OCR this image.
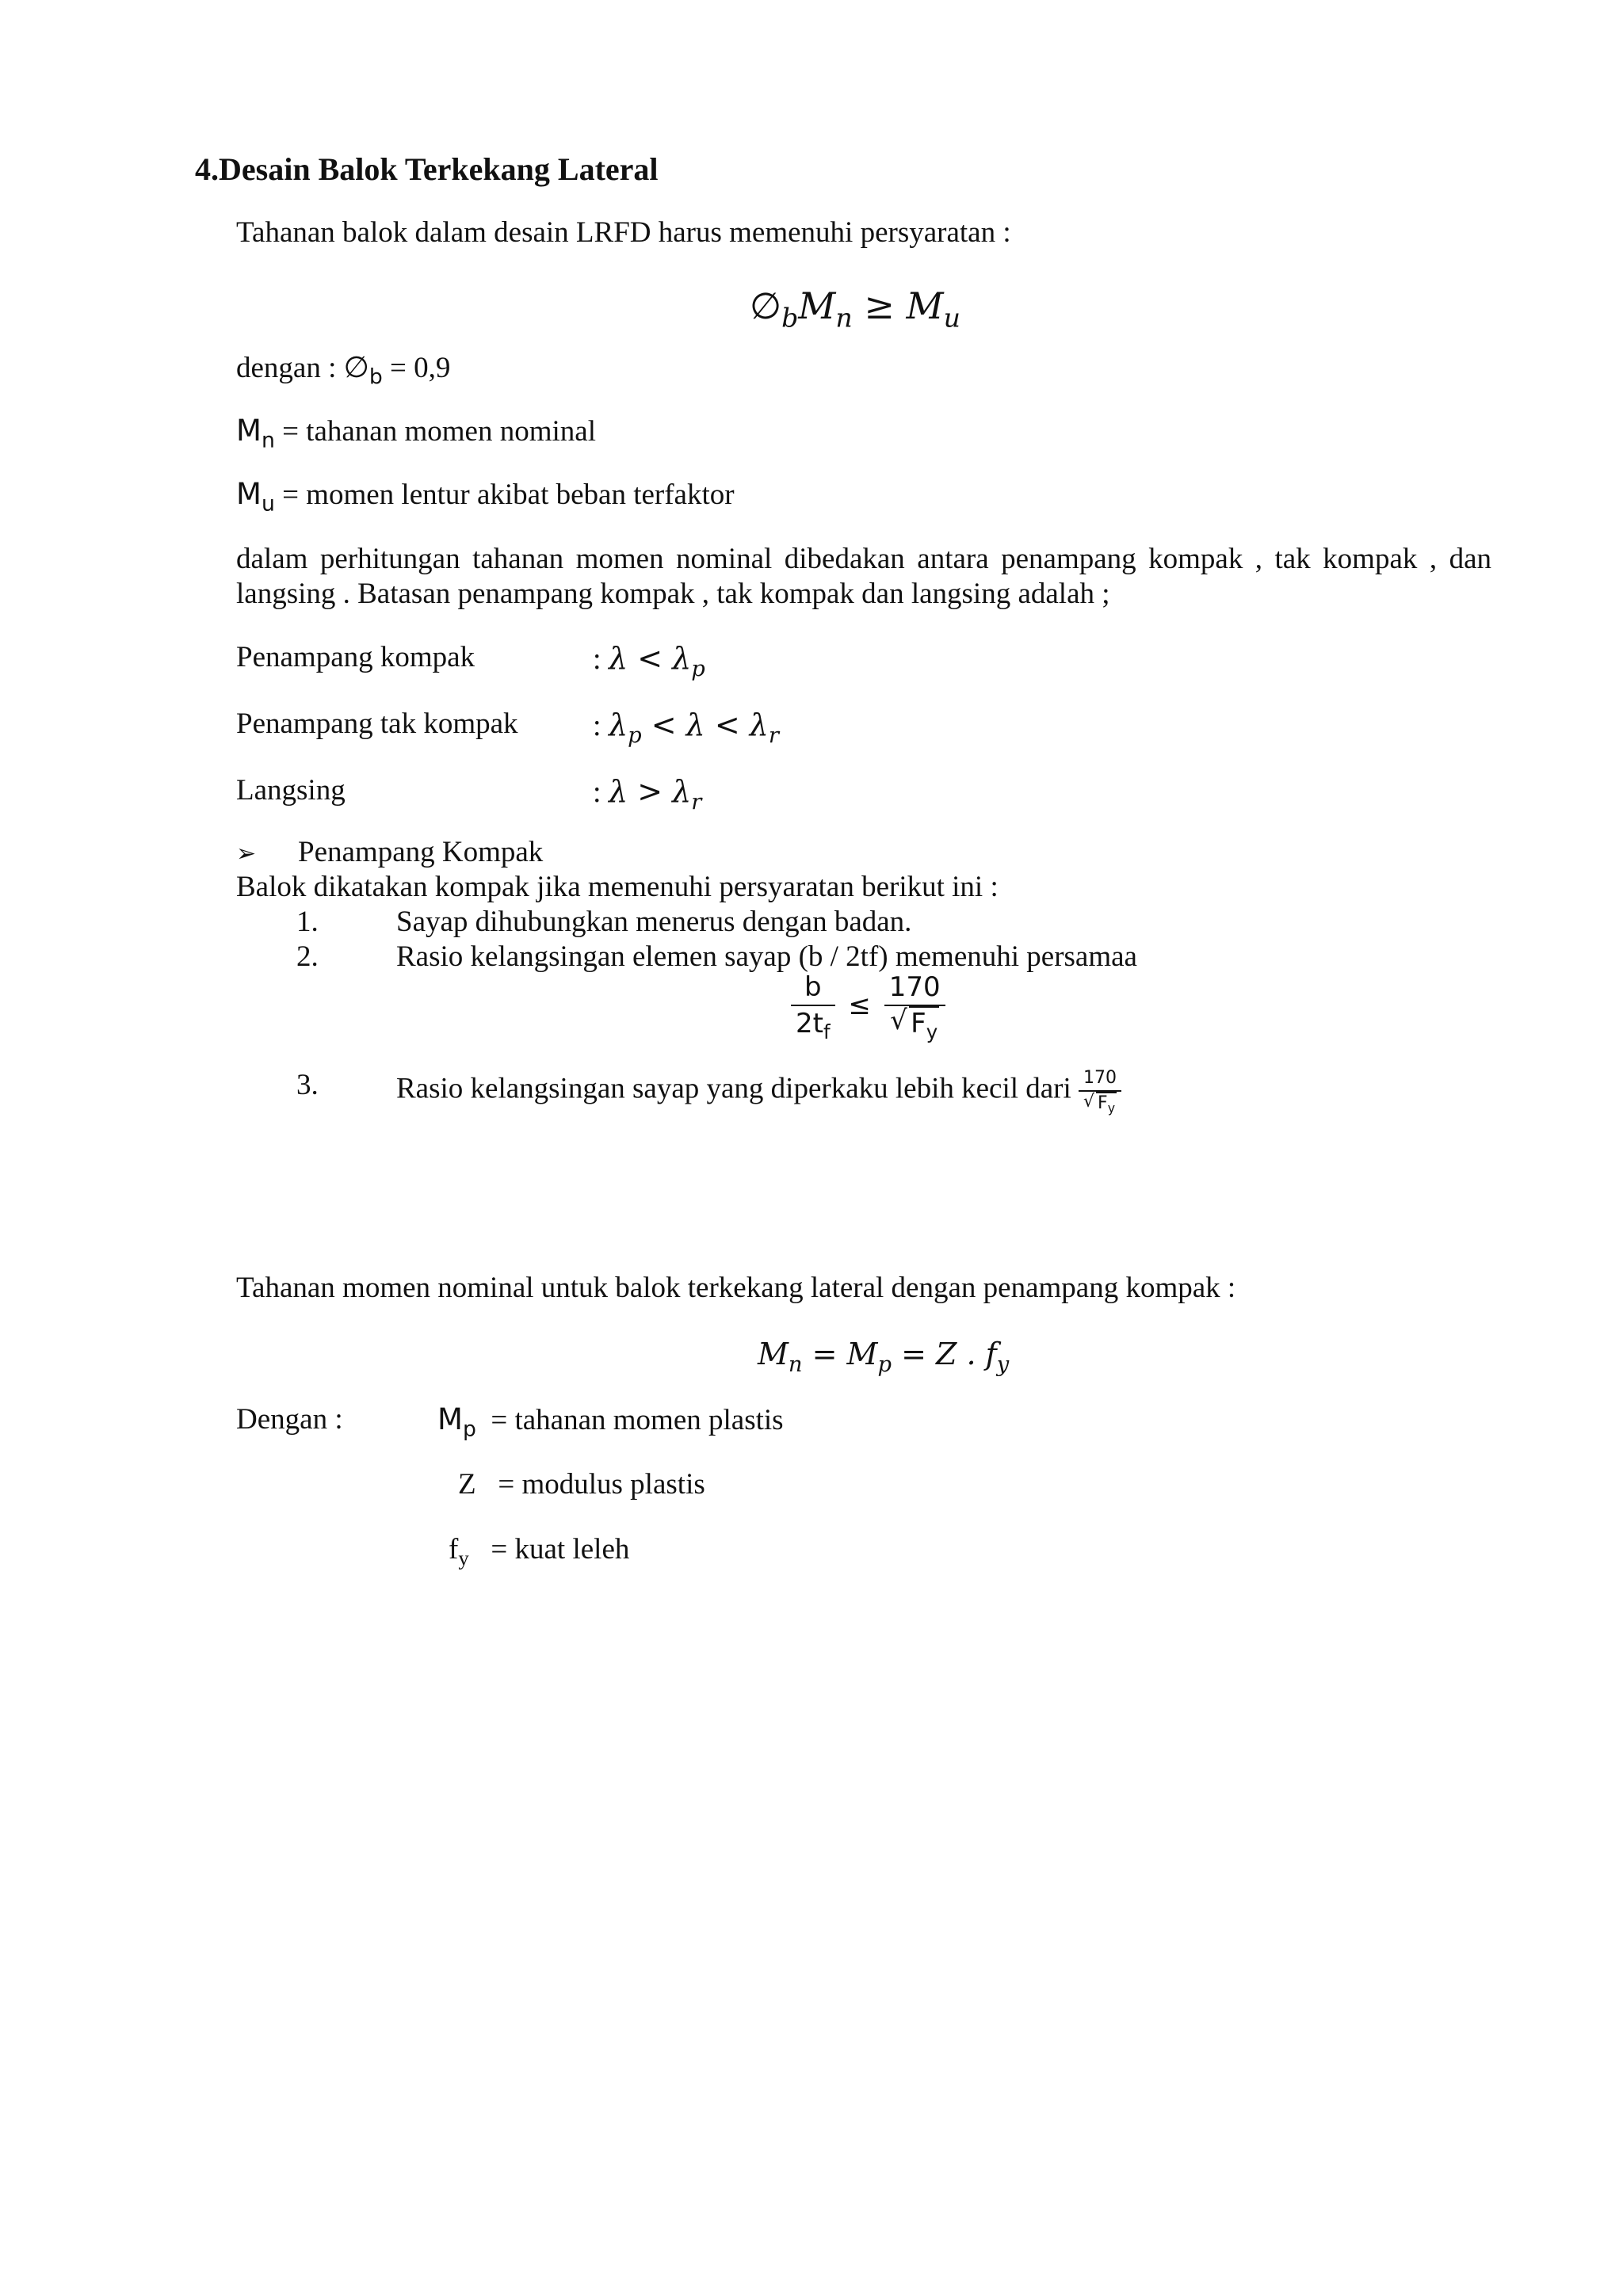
4.Desain Balok Terkekang Lateral
Tahanan balok dalam desain LRFD harus memenuhi persyaratan :
$\emptyset_bM_n \ge M_u$
dengan : $\emptyset_b = 0,9$
$M_n$ = tahanan momen nominal
$M_u$ = momen lentur akibat beban terfaktor
dalam perhitungan tahanan momen nominal dibedakan antara penampang kompak , tak kompak , dan
langsing . Batasan penampang kompak , tak kompak dan langsing adalah ;
Penampang kompak	: $\lambda < \lambda_p$
Penampang tak kompak : $\lambda_p < \lambda < \lambda_r$
Langsing	: $\lambda > \lambda_r$
➢ Penampang Kompak
Balok dikatakan kompak jika memenuhi persyaratan berikut ini :
1.	Sayap dihubungkan menerus dengan badan.
2.	Rasio kelangsingan elemen sayap (b / 2tf) memenuhi persamaa
$\frac{b}{2t_f} \le \frac{170}{√ F_y}$
3.	Rasio kelangsingan sayap yang diperkaku lebih kecil dari $\frac{170}{√ F_y}$
Tahanan momen nominal untuk balok terkekang lateral dengan penampang kompak :
$M_n = M_p = Z$ . $f_y$
Dengan :	$M_p$ = tahanan momen plastis
Z = modulus plastis
$f_y$ = kuat leleh
